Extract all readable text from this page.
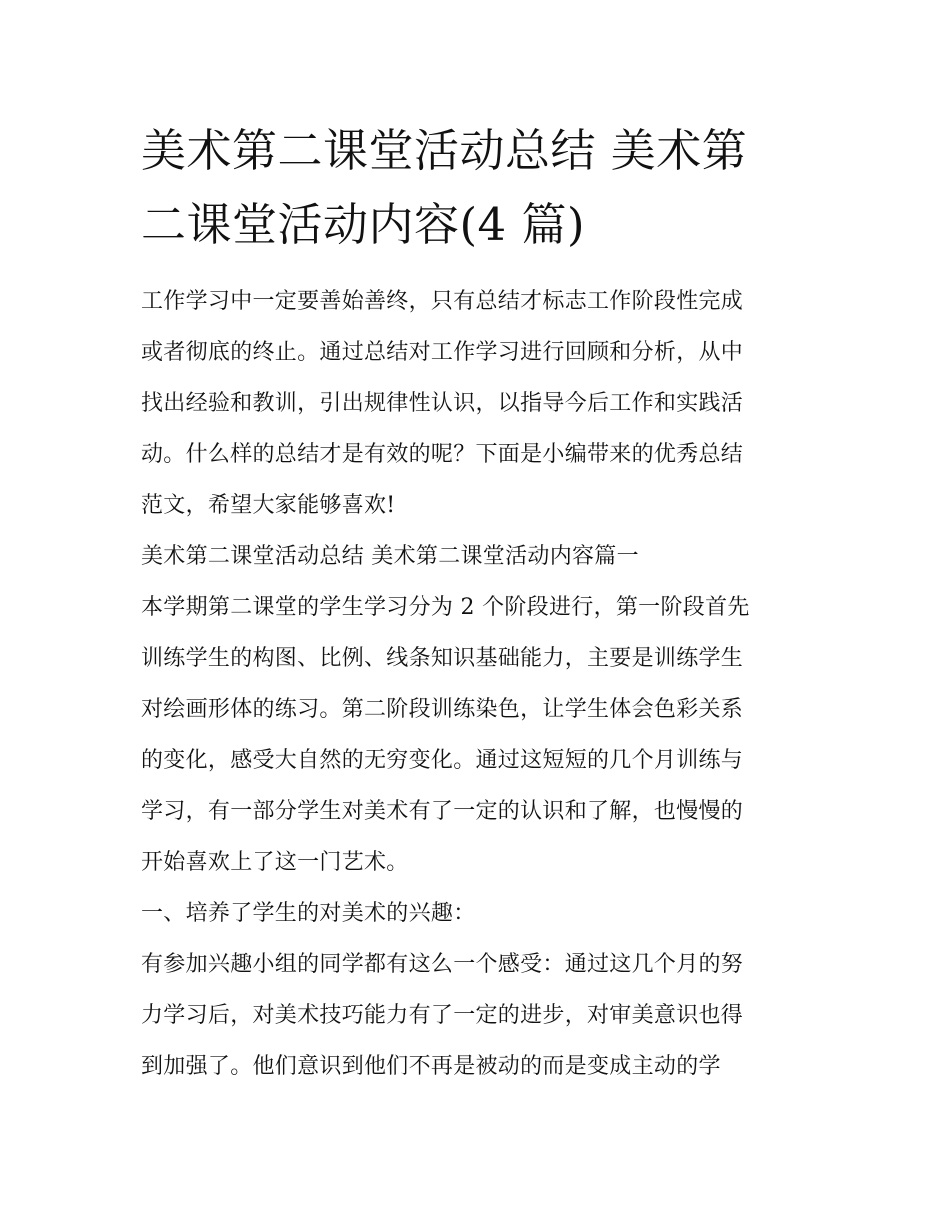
美术第二课堂活动总结 美术第
二课堂活动内容(4 篇)

工作学习中一定要善始善终，只有总结才标志工作阶段性完成
或者彻底的终止。通过总结对工作学习进行回顾和分析，从中
找出经验和教训，引出规律性认识，以指导今后工作和实践活
动。什么样的总结才是有效的呢？下面是小编带来的优秀总结
范文，希望大家能够喜欢!

美术第二课堂活动总结 美术第二课堂活动内容篇一

本学期第二课堂的学生学习分为 2 个阶段进行，第一阶段首先
训练学生的构图、比例、线条知识基础能力，主要是训练学生
对绘画形体的练习。第二阶段训练染色，让学生体会色彩关系
的变化，感受大自然的无穷变化。通过这短短的几个月训练与
学习，有一部分学生对美术有了一定的认识和了解，也慢慢的
开始喜欢上了这一门艺术。

一、培养了学生的对美术的兴趣：

有参加兴趣小组的同学都有这么一个感受：通过这几个月的努
力学习后，对美术技巧能力有了一定的进步，对审美意识也得
到加强了。他们意识到他们不再是被动的而是变成主动的学
